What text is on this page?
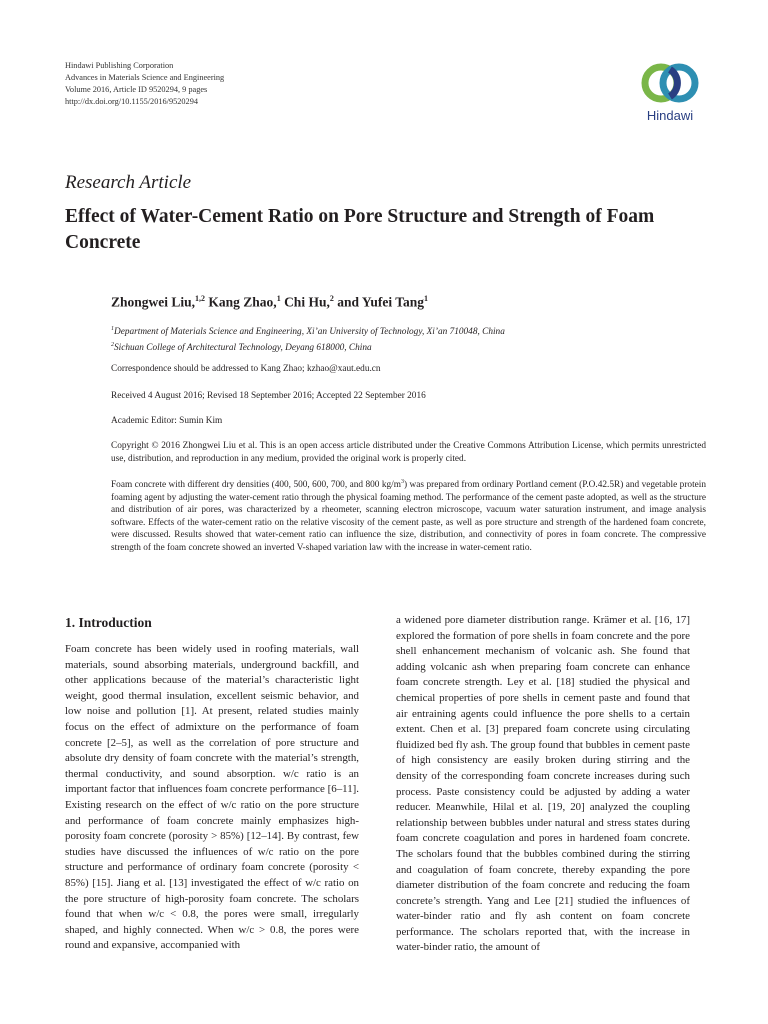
Hindawi Publishing Corporation
Advances in Materials Science and Engineering
Volume 2016, Article ID 9520294, 9 pages
http://dx.doi.org/10.1155/2016/9520294
Hindawi
Research Article
Effect of Water-Cement Ratio on Pore Structure and Strength of Foam Concrete
Zhongwei Liu,$^{1,2}$ Kang Zhao,$^1$ Chi Hu,$^2$ and Yufei Tang$^1$
$^1$Department of Materials Science and Engineering, Xi’an University of Technology, Xi’an 710048, China
$^2$Sichuan College of Architectural Technology, Deyang 618000, China
Correspondence should be addressed to Kang Zhao; kzhao@xaut.edu.cn
Received 4 August 2016; Revised 18 September 2016; Accepted 22 September 2016
Academic Editor: Sumin Kim
Copyright © 2016 Zhongwei Liu et al. This is an open access article distributed under the Creative Commons Attribution License, which permits unrestricted use, distribution, and reproduction in any medium, provided the original work is properly cited.
Foam concrete with different dry densities (400, 500, 600, 700, and 800 $kg/m^3$) was prepared from ordinary Portland cement (P.O.42.5R) and vegetable protein foaming agent by adjusting the water-cement ratio through the physical foaming method. The performance of the cement paste adopted, as well as the structure and distribution of air pores, was characterized by a rheometer, scanning electron microscope, vacuum water saturation instrument, and image analysis software. Effects of the water-cement ratio on the relative viscosity of the cement paste, as well as pore structure and strength of the hardened foam concrete, were discussed. Results showed that water-cement ratio can influence the size, distribution, and connectivity of pores in foam concrete. The compressive strength of the foam concrete showed an inverted V-shaped variation law with the increase in water-cement ratio.
1. Introduction
Foam concrete has been widely used in roofing materials, wall materials, sound absorbing materials, underground backfill, and other applications because of the material’s characteristic light weight, good thermal insulation, excellent seismic behavior, and low noise and pollution [1]. At present, related studies mainly focus on the effect of admixture on the performance of foam concrete [2–5], as well as the correlation of pore structure and absolute dry density of foam concrete with the material’s strength, thermal conductivity, and sound absorption. w/c ratio is an important factor that influences foam concrete performance [6–11]. Existing research on the effect of w/c ratio on the pore structure and performance of foam concrete mainly emphasizes high-porosity foam concrete (porosity > 85%) [12–14]. By contrast, few studies have discussed the influences of w/c ratio on the pore structure and performance of ordinary foam concrete (porosity < 85%) [15]. Jiang et al. [13] investigated the effect of w/c ratio on the pore structure of high-porosity foam concrete. The scholars found that when w/c < 0.8, the pores were small, irregularly shaped, and highly connected. When w/c > 0.8, the pores were round and expansive, accompanied with
a widened pore diameter distribution range. Krämer et al. [16, 17] explored the formation of pore shells in foam concrete and the pore shell enhancement mechanism of volcanic ash. She found that adding volcanic ash when preparing foam concrete can enhance foam concrete strength. Ley et al. [18] studied the physical and chemical properties of pore shells in cement paste and found that air entraining agents could influence the pore shells to a certain extent. Chen et al. [3] prepared foam concrete using circulating fluidized bed fly ash. The group found that bubbles in cement paste of high consistency are easily broken during stirring and the density of the corresponding foam concrete increases during such process. Paste consistency could be adjusted by adding a water reducer. Meanwhile, Hilal et al. [19, 20] analyzed the coupling relationship between bubbles under natural and stress states during foam concrete coagulation and pores in hardened foam concrete. The scholars found that the bubbles combined during the stirring and coagulation of foam concrete, thereby expanding the pore diameter distribution of the foam concrete and reducing the foam concrete’s strength. Yang and Lee [21] studied the influences of water-binder ratio and fly ash content on foam concrete performance. The scholars reported that, with the increase in water-binder ratio, the amount of
